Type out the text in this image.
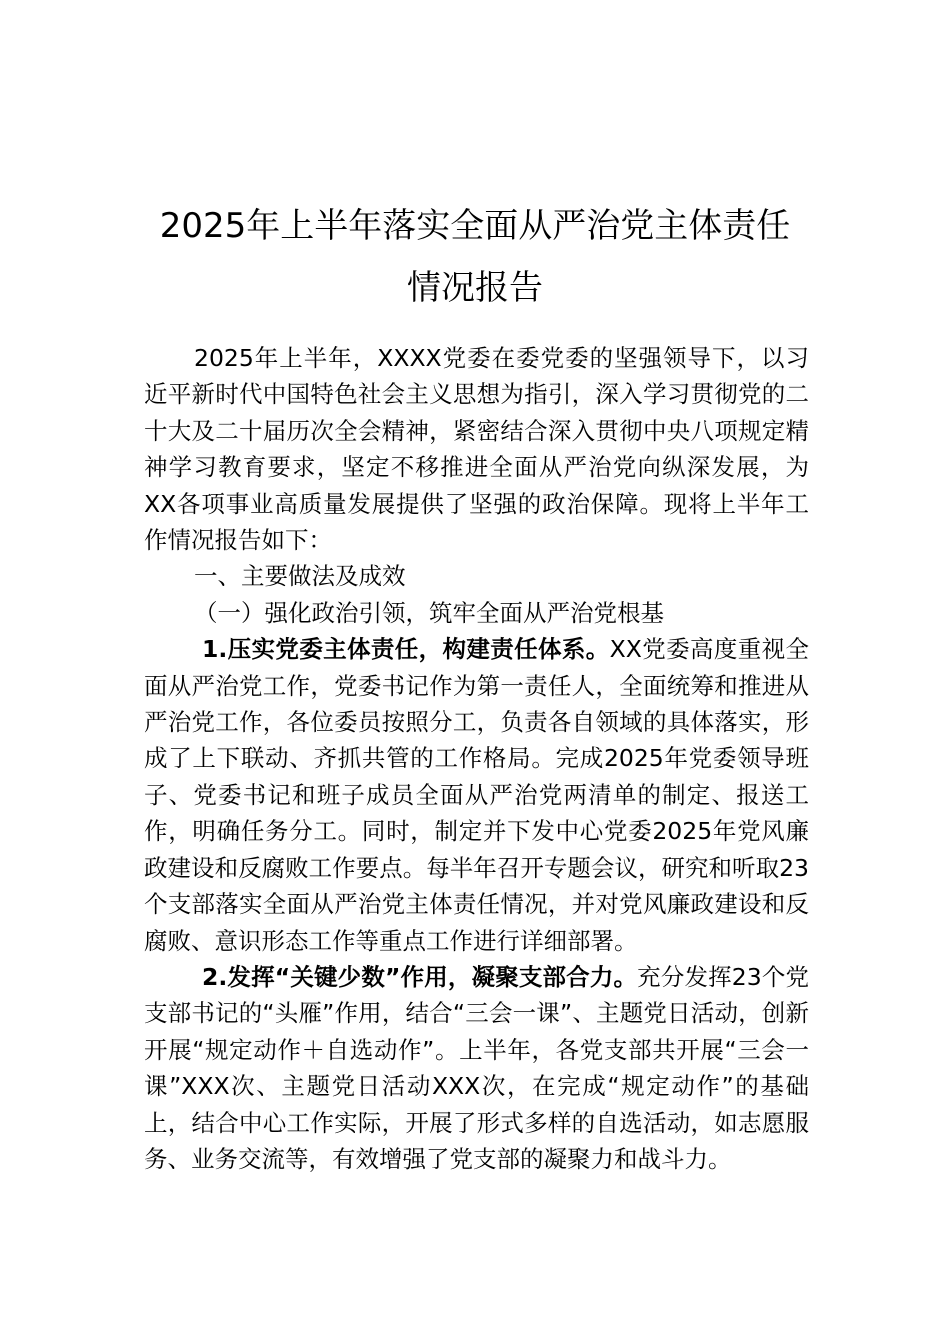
2025年上半年落实全面从严治党主体责任
情况报告

2025年上半年，XXXX党委在委党委的坚强领导下，以习近平新时代中国特色社会主义思想为指引，深入学习贯彻党的二十大及二十届历次全会精神，紧密结合深入贯彻中央八项规定精神学习教育要求，坚定不移推进全面从严治党向纵深发展，为XX各项事业高质量发展提供了坚强的政治保障。现将上半年工作情况报告如下：

一、主要做法及成效

（一）强化政治引领，筑牢全面从严治党根基

1.压实党委主体责任，构建责任体系。XX党委高度重视全面从严治党工作，党委书记作为第一责任人，全面统筹和推进从严治党工作，各位委员按照分工，负责各自领域的具体落实，形成了上下联动、齐抓共管的工作格局。完成2025年党委领导班子、党委书记和班子成员全面从严治党两清单的制定、报送工作，明确任务分工。同时，制定并下发中心党委2025年党风廉政建设和反腐败工作要点。每半年召开专题会议，研究和听取23个支部落实全面从严治党主体责任情况，并对党风廉政建设和反腐败、意识形态工作等重点工作进行详细部署。

2.发挥“关键少数”作用，凝聚支部合力。充分发挥23个党支部书记的“头雁”作用，结合“三会一课”、主题党日活动，创新开展“规定动作＋自选动作”。上半年，各党支部共开展“三会一课”XXX次、主题党日活动XXX次，在完成“规定动作”的基础上，结合中心工作实际，开展了形式多样的自选活动，如志愿服务、业务交流等，有效增强了党支部的凝聚力和战斗力。
